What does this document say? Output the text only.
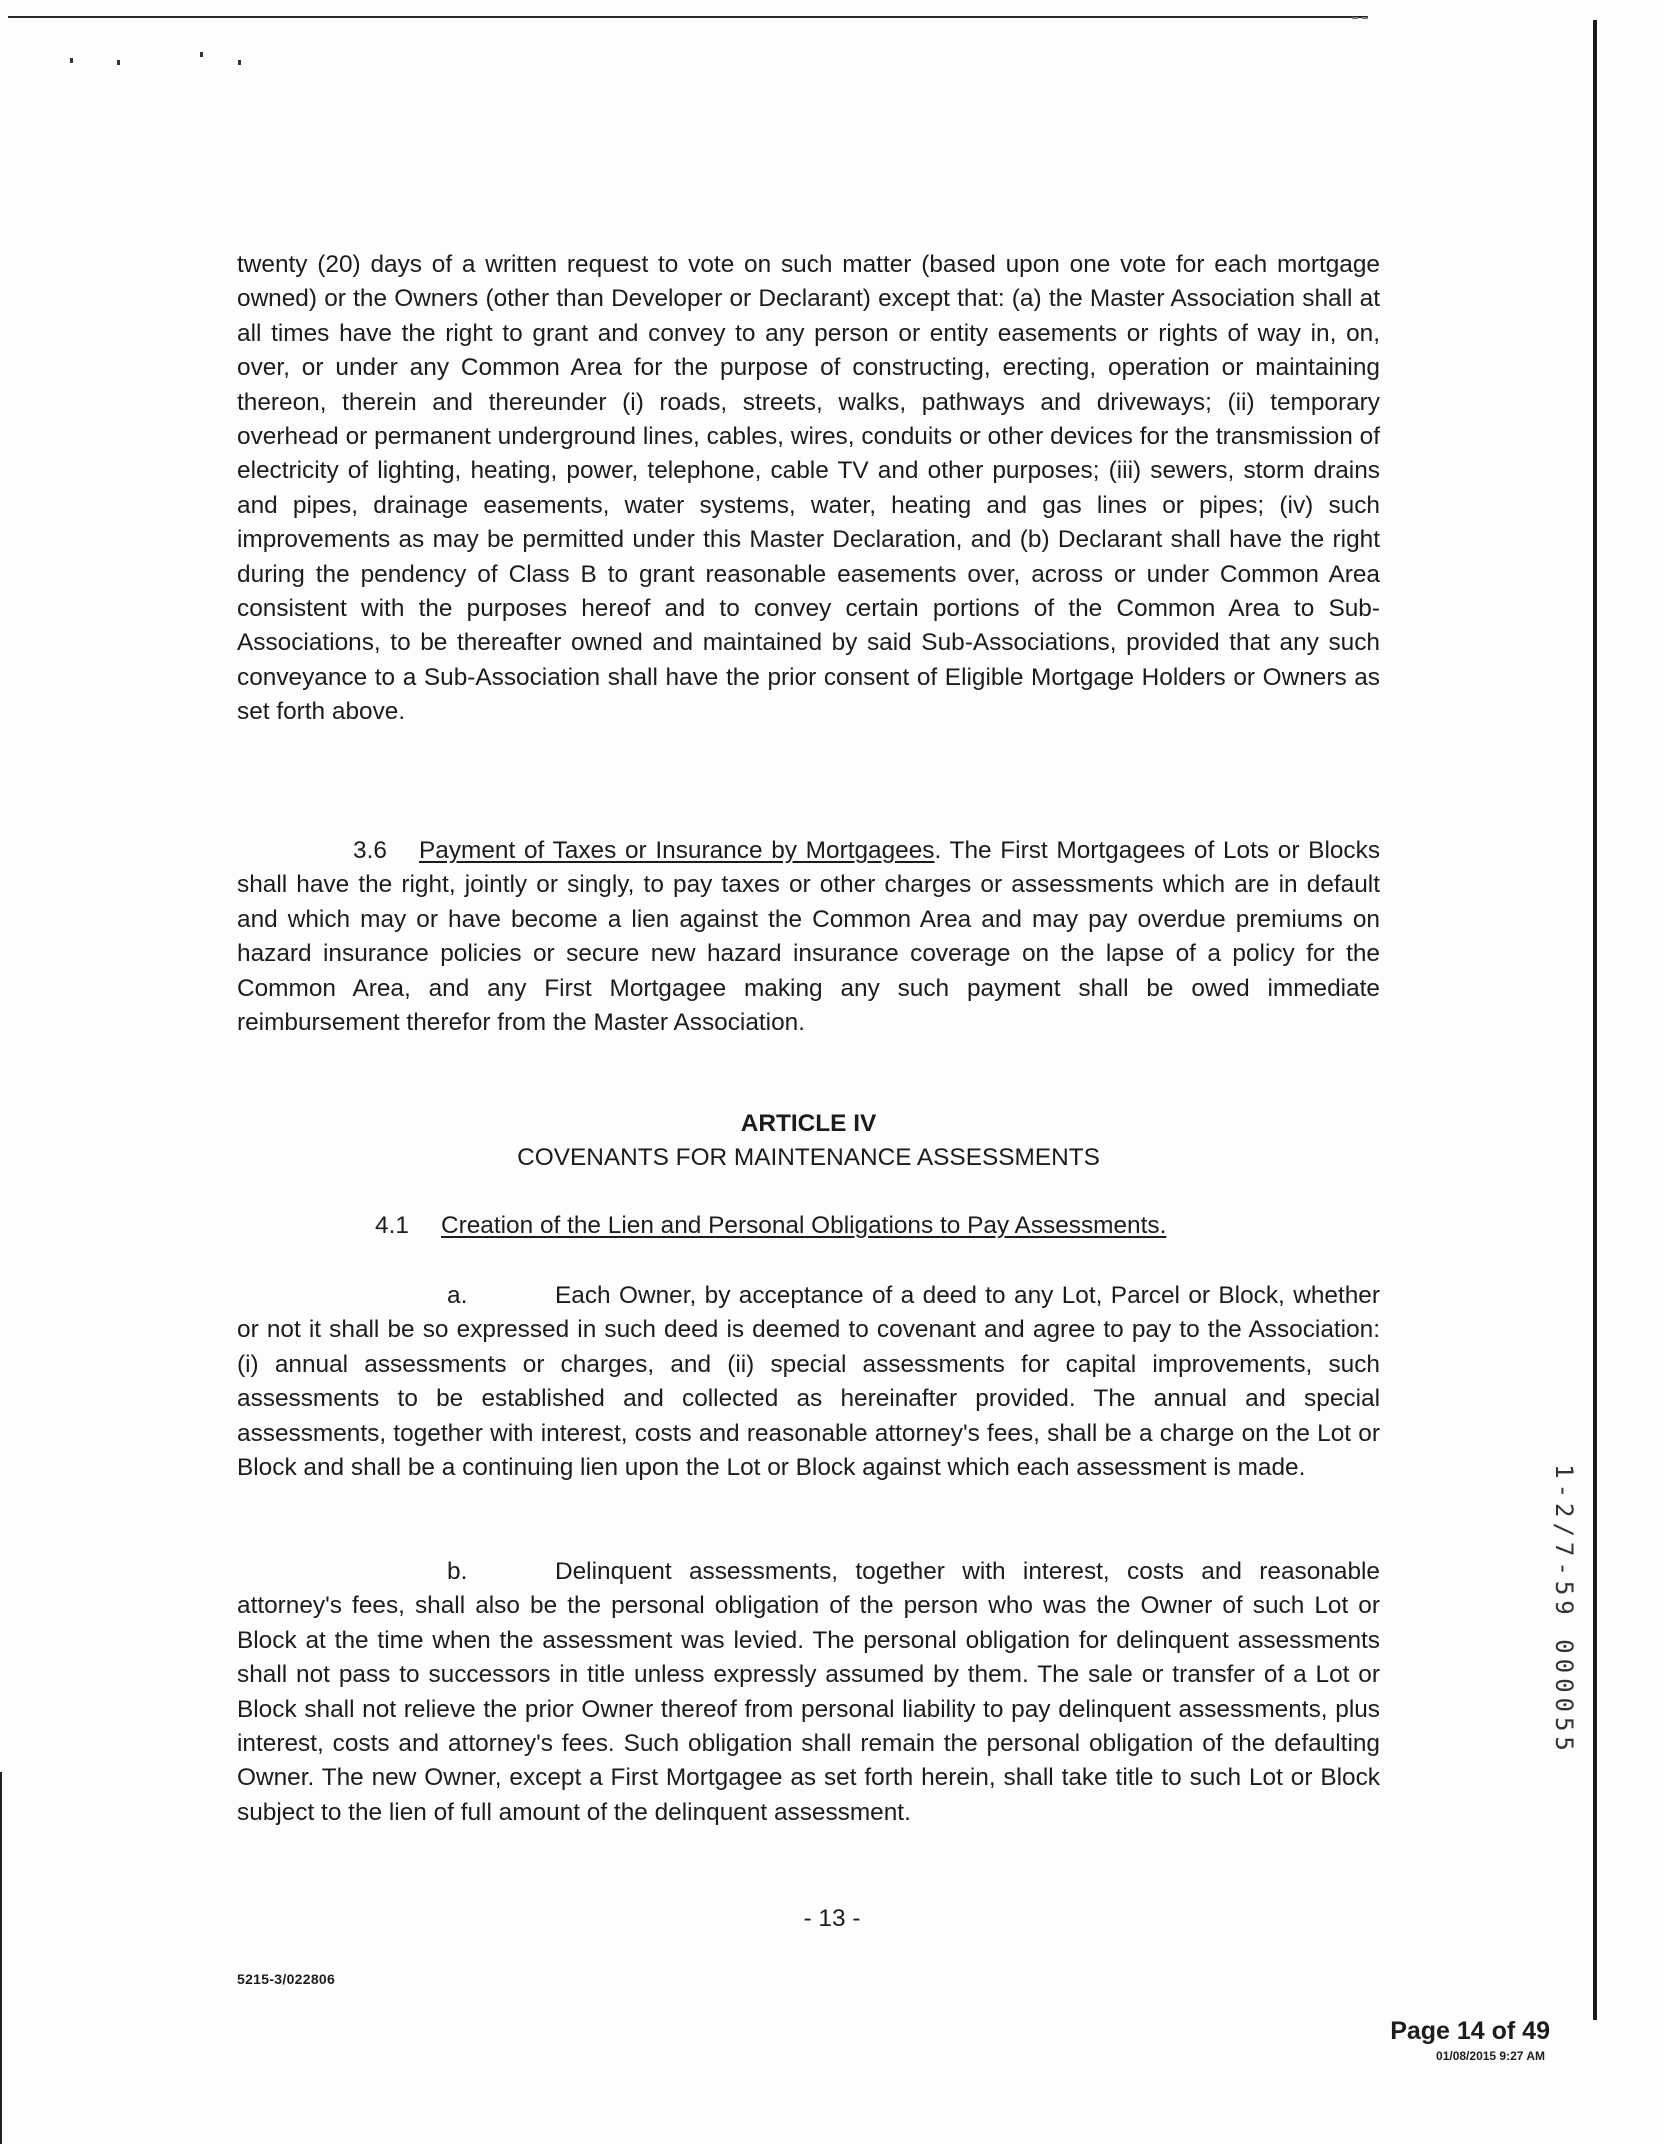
twenty (20) days of a written request to vote on such matter (based upon one vote for each mortgage owned) or the Owners (other than Developer or Declarant) except that: (a) the Master Association shall at all times have the right to grant and convey to any person or entity easements or rights of way in, on, over, or under any Common Area for the purpose of constructing, erecting, operation or maintaining thereon, therein and thereunder (i) roads, streets, walks, pathways and driveways; (ii) temporary overhead or permanent underground lines, cables, wires, conduits or other devices for the transmission of electricity of lighting, heating, power, telephone, cable TV and other purposes; (iii) sewers, storm drains and pipes, drainage easements, water systems, water, heating and gas lines or pipes; (iv) such improvements as may be permitted under this Master Declaration, and (b) Declarant shall have the right during the pendency of Class B to grant reasonable easements over, across or under Common Area consistent with the purposes hereof and to convey certain portions of the Common Area to Sub-Associations, to be thereafter owned and maintained by said Sub-Associations, provided that any such conveyance to a Sub-Association shall have the prior consent of Eligible Mortgage Holders or Owners as set forth above.
3.6 Payment of Taxes or Insurance by Mortgagees. The First Mortgagees of Lots or Blocks shall have the right, jointly or singly, to pay taxes or other charges or assessments which are in default and which may or have become a lien against the Common Area and may pay overdue premiums on hazard insurance policies or secure new hazard insurance coverage on the lapse of a policy for the Common Area, and any First Mortgagee making any such payment shall be owed immediate reimbursement therefor from the Master Association.
ARTICLE IV
COVENANTS FOR MAINTENANCE ASSESSMENTS
4.1 Creation of the Lien and Personal Obligations to Pay Assessments.
a.	Each Owner, by acceptance of a deed to any Lot, Parcel or Block, whether or not it shall be so expressed in such deed is deemed to covenant and agree to pay to the Association: (i) annual assessments or charges, and (ii) special assessments for capital improvements, such assessments to be established and collected as hereinafter provided. The annual and special assessments, together with interest, costs and reasonable attorney's fees, shall be a charge on the Lot or Block and shall be a continuing lien upon the Lot or Block against which each assessment is made.
b.	Delinquent assessments, together with interest, costs and reasonable attorney's fees, shall also be the personal obligation of the person who was the Owner of such Lot or Block at the time when the assessment was levied. The personal obligation for delinquent assessments shall not pass to successors in title unless expressly assumed by them. The sale or transfer of a Lot or Block shall not relieve the prior Owner thereof from personal liability to pay delinquent assessments, plus interest, costs and attorney's fees. Such obligation shall remain the personal obligation of the defaulting Owner. The new Owner, except a First Mortgagee as set forth herein, shall take title to such Lot or Block subject to the lien of full amount of the delinquent assessment.
1-2/7-59 000055
- 13 -
5215-3/022806
Page 14 of 49
01/08/2015 9:27 AM
